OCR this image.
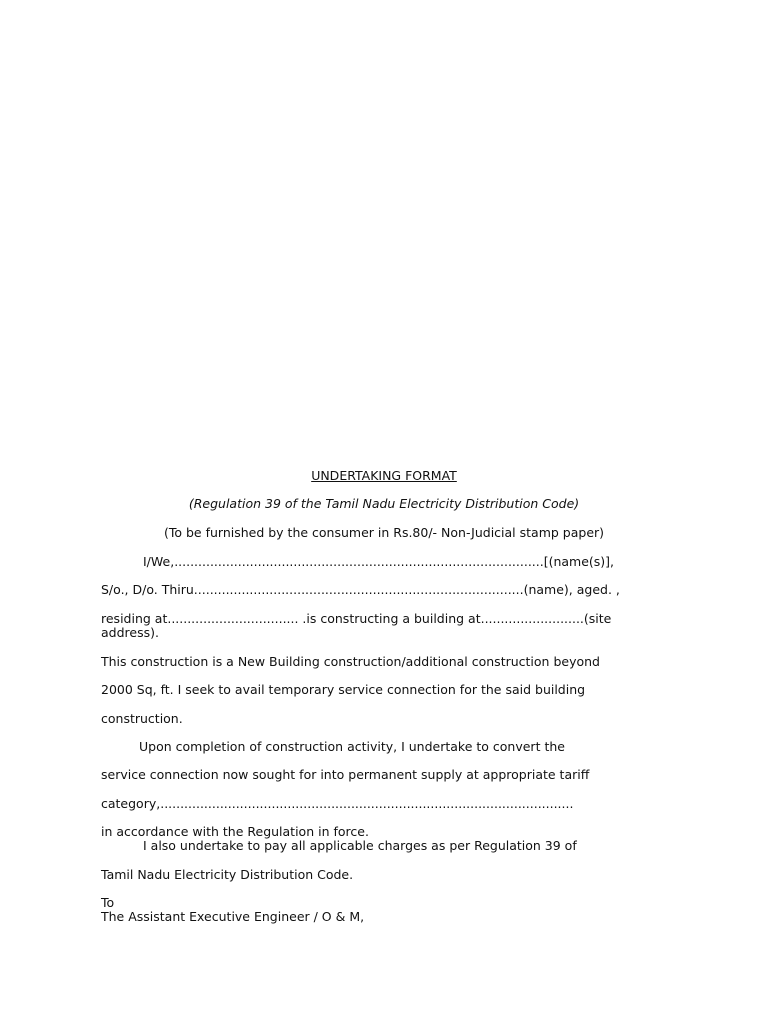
UNDERTAKING FORMAT
(Regulation 39 of the Tamil Nadu Electricity Distribution Code)
(To be furnished by the consumer in Rs.80/- Non-Judicial stamp paper)
I/We,.............................................................................................[(name(s)],
S/o., D/o. Thiru...................................................................................(name), aged. ,
residing at................................. .is constructing a building at..........................(site
address).
This construction is a New Building construction/additional construction beyond
2000 Sq, ft. I seek to avail temporary service connection for the said building
construction.
Upon completion of construction activity, I undertake to convert the
service connection now sought for into permanent supply at appropriate tariff
category,........................................................................................................
in accordance with the Regulation in force.
I also undertake to pay all applicable charges as per Regulation 39 of
Tamil Nadu Electricity Distribution Code.
To
The Assistant Executive Engineer / O & M,
